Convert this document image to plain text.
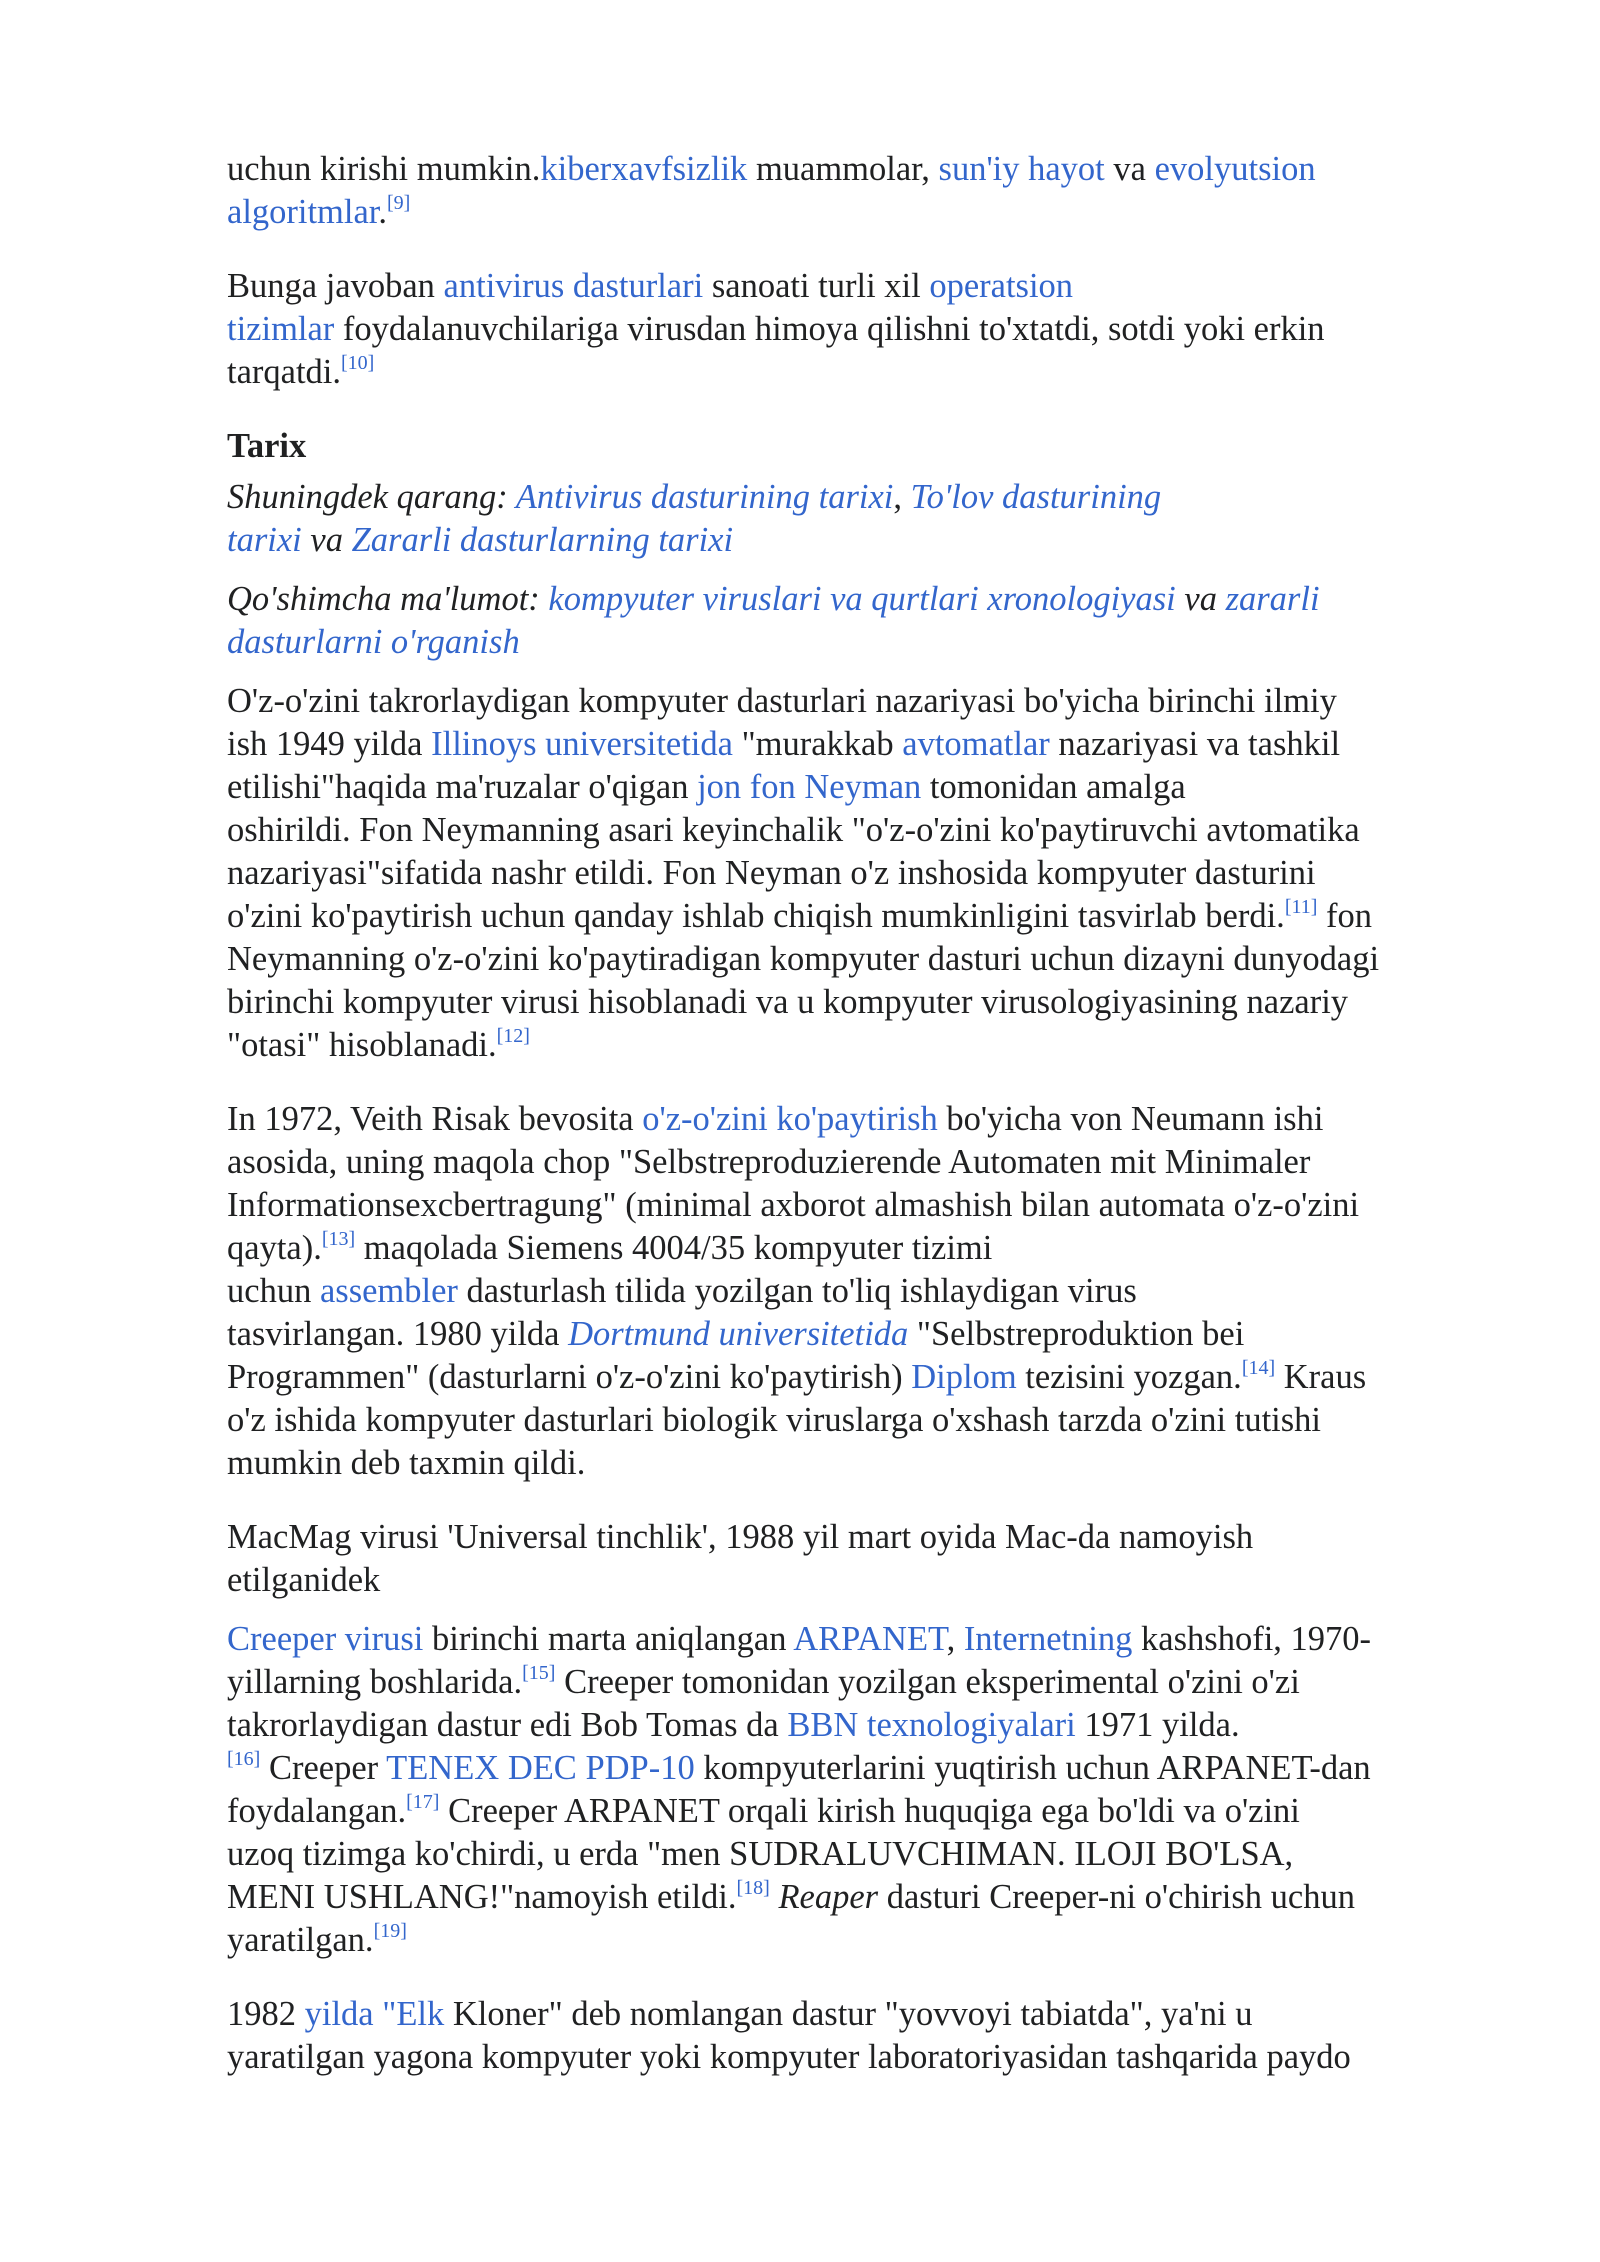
uchun kirishi mumkin.kiberxavfsizlik muammolar, sun'iy hayot va evolyutsion
algoritmlar.[9]

Bunga javoban antivirus dasturlari sanoati turli xil operatsion
tizimlar foydalanuvchilariga virusdan himoya qilishni to'xtatdi, sotdi yoki erkin
tarqatdi.[10]

Tarix

Shuningdek qarang: Antivirus dasturining tarixi, To'lov dasturining
tarixi va Zararli dasturlarning tarixi

Qo'shimcha ma'lumot: kompyuter viruslari va qurtlari xronologiyasi va zararli
dasturlarni o'rganish

O'z-o'zini takrorlaydigan kompyuter dasturlari nazariyasi bo'yicha birinchi ilmiy
ish 1949 yilda Illinoys universitetida "murakkab avtomatlar nazariyasi va tashkil
etilishi"haqida ma'ruzalar o'qigan jon fon Neyman tomonidan amalga
oshirildi. Fon Neymanning asari keyinchalik "o'z-o'zini ko'paytiruvchi avtomatika
nazariyasi"sifatida nashr etildi. Fon Neyman o'z inshosida kompyuter dasturini
o'zini ko'paytirish uchun qanday ishlab chiqish mumkinligini tasvirlab berdi.[11] fon
Neymanning o'z-o'zini ko'paytiradigan kompyuter dasturi uchun dizayni dunyodagi
birinchi kompyuter virusi hisoblanadi va u kompyuter virusologiyasining nazariy
"otasi" hisoblanadi.[12]

In 1972, Veith Risak bevosita o'z-o'zini ko'paytirish bo'yicha von Neumann ishi
asosida, uning maqola chop "Selbstreproduzierende Automaten mit Minimaler
Informationsexcbertragung" (minimal axborot almashish bilan automata o'z-o'zini
qayta).[13] maqolada Siemens 4004/35 kompyuter tizimi
uchun assembler dasturlash tilida yozilgan to'liq ishlaydigan virus
tasvirlangan. 1980 yilda Dortmund universitetida "Selbstreproduktion bei
Programmen" (dasturlarni o'z-o'zini ko'paytirish) Diplom tezisini yozgan.[14] Kraus
o'z ishida kompyuter dasturlari biologik viruslarga o'xshash tarzda o'zini tutishi
mumkin deb taxmin qildi.

MacMag virusi 'Universal tinchlik', 1988 yil mart oyida Mac-da namoyish
etilganidek

Creeper virusi birinchi marta aniqlangan ARPANET, Internetning kashshofi, 1970-
yillarning boshlarida.[15] Creeper tomonidan yozilgan eksperimental o'zini o'zi
takrorlaydigan dastur edi Bob Tomas da BBN texnologiyalari 1971 yilda.
[16] Creeper TENEX DEC PDP-10 kompyuterlarini yuqtirish uchun ARPANET-dan
foydalangan.[17] Creeper ARPANET orqali kirish huquqiga ega bo'ldi va o'zini
uzoq tizimga ko'chirdi, u erda "men SUDRALUVCHIMAN. ILOJI BO'LSA,
MENI USHLANG!"namoyish etildi.[18] Reaper dasturi Creeper-ni o'chirish uchun
yaratilgan.[19]

1982 yilda "Elk Kloner" deb nomlangan dastur "yovvoyi tabiatda", ya'ni u
yaratilgan yagona kompyuter yoki kompyuter laboratoriyasidan tashqarida paydo
